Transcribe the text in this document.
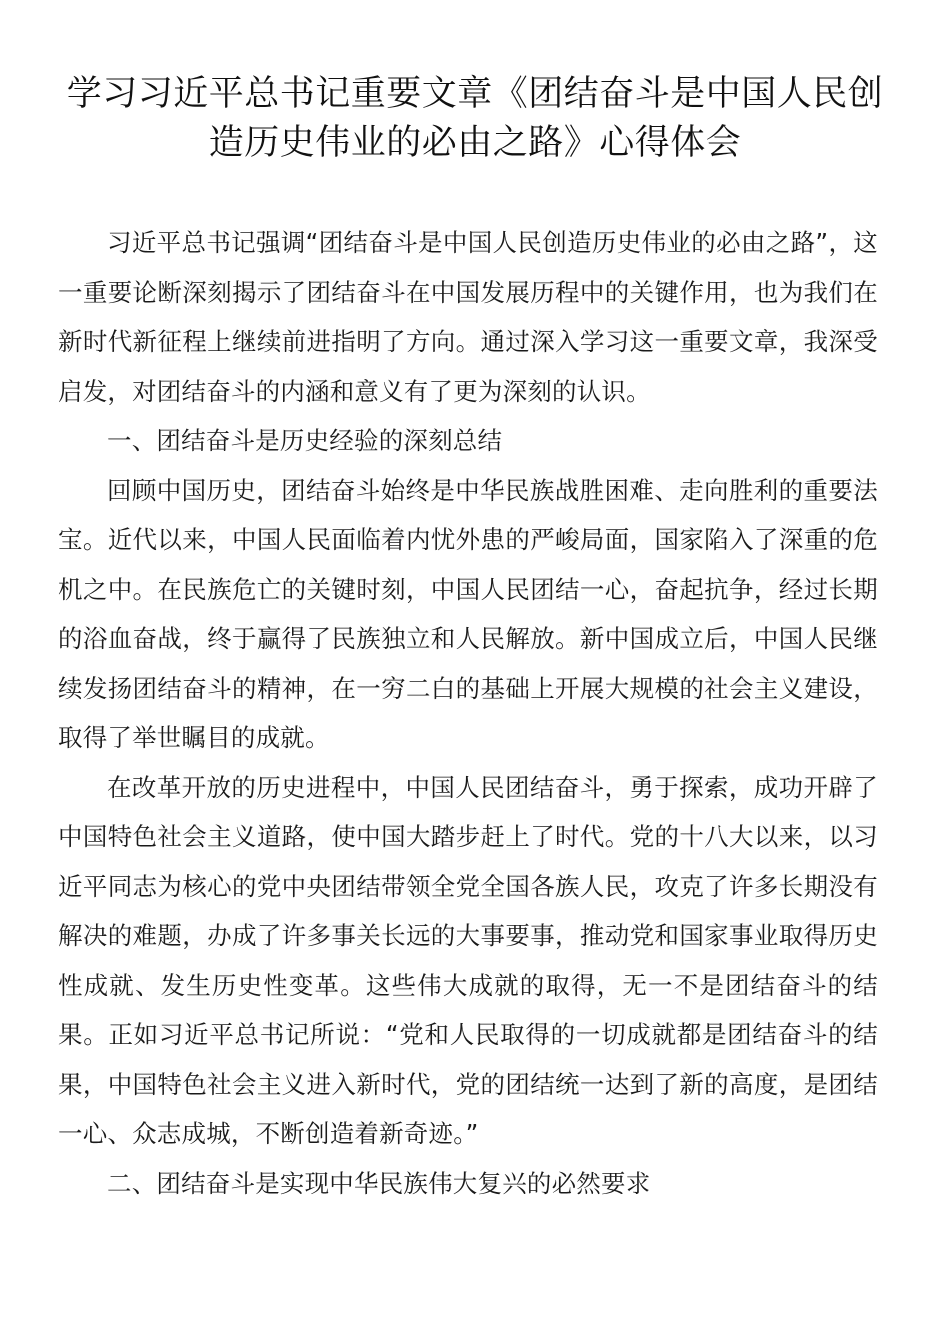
学习习近平总书记重要文章《团结奋斗是中国人民创造历史伟业的必由之路》心得体会

习近平总书记强调“团结奋斗是中国人民创造历史伟业的必由之路”，这一重要论断深刻揭示了团结奋斗在中国发展历程中的关键作用，也为我们在新时代新征程上继续前进指明了方向。通过深入学习这一重要文章，我深受启发，对团结奋斗的内涵和意义有了更为深刻的认识。

一、团结奋斗是历史经验的深刻总结

回顾中国历史，团结奋斗始终是中华民族战胜困难、走向胜利的重要法宝。近代以来，中国人民面临着内忧外患的严峻局面，国家陷入了深重的危机之中。在民族危亡的关键时刻，中国人民团结一心，奋起抗争，经过长期的浴血奋战，终于赢得了民族独立和人民解放。新中国成立后，中国人民继续发扬团结奋斗的精神，在一穷二白的基础上开展大规模的社会主义建设，取得了举世瞩目的成就。

在改革开放的历史进程中，中国人民团结奋斗，勇于探索，成功开辟了中国特色社会主义道路，使中国大踏步赶上了时代。党的十八大以来，以习近平同志为核心的党中央团结带领全党全国各族人民，攻克了许多长期没有解决的难题，办成了许多事关长远的大事要事，推动党和国家事业取得历史性成就、发生历史性变革。这些伟大成就的取得，无一不是团结奋斗的结果。正如习近平总书记所说：“党和人民取得的一切成就都是团结奋斗的结果，中国特色社会主义进入新时代，党的团结统一达到了新的高度，是团结一心、众志成城，不断创造着新奇迹。”

二、团结奋斗是实现中华民族伟大复兴的必然要求
